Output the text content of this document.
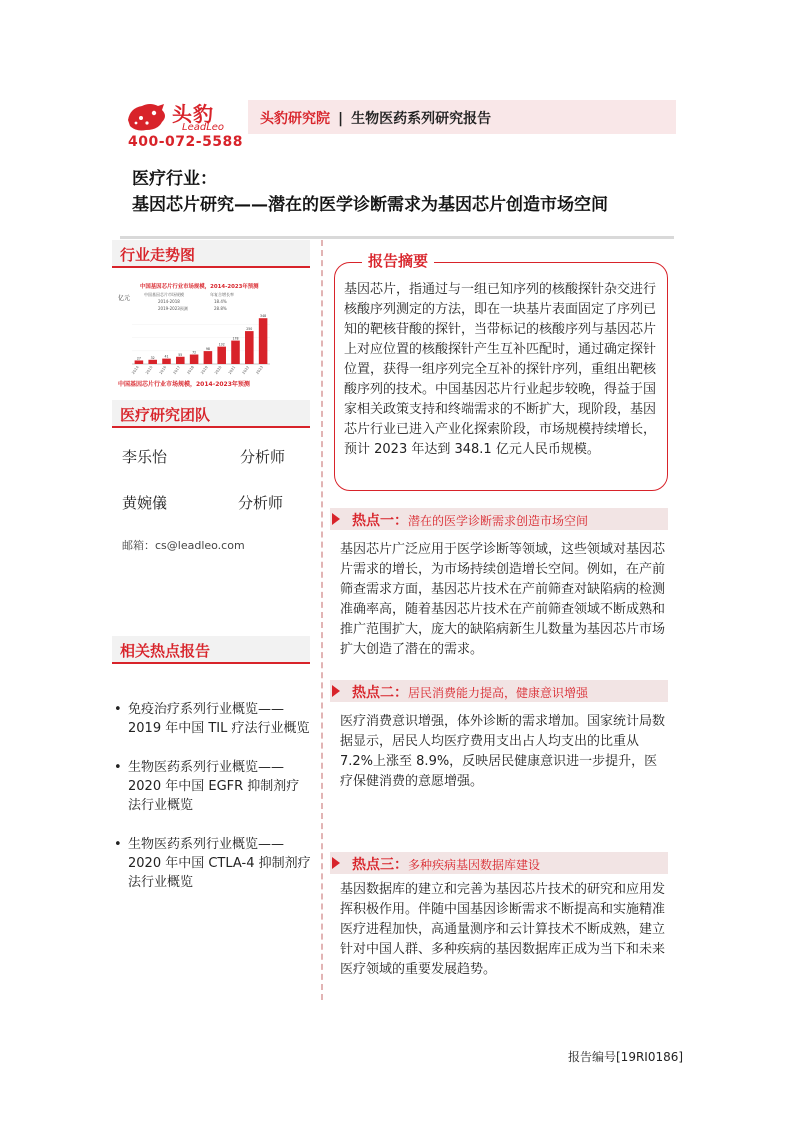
头豹
LeadLeo
400-072-5588
头豹研究院 | 生物医药系列研究报告
医疗行业：
基因芯片研究——潜在的医学诊断需求为基因芯片创造市场空间
行业走势图
中国基因芯片行业市场规模，2014-2023年预测
亿元
中国基因芯片市场规模
2014-2018
2019-2023预测
年复合增长率
18.4%
28.8%
27	32	41	55
72
98
132
178
250
348
2014 2015 2016 2017 2018 2019 2020 2021 2022 2023
中国基因芯片行业市场规模，2014-2023年预测
医疗研究团队
李乐怡	分析师
黄婉儀	分析师
邮箱：cs@leadleo.com
相关热点报告
• 免疫治疗系列行业概览——2019 年中国 TIL 疗法行业概览
• 生物医药系列行业概览——2020 年中国 EGFR 抑制剂疗法行业概览
• 生物医药系列行业概览——2020 年中国 CTLA-4 抑制剂疗法行业概览
报告摘要
基因芯片，指通过与一组已知序列的核酸探针杂交进行核酸序列测定的方法，即在一块基片表面固定了序列已知的靶核苷酸的探针，当带标记的核酸序列与基因芯片上对应位置的核酸探针产生互补匹配时，通过确定探针位置，获得一组序列完全互补的探针序列，重组出靶核酸序列的技术。中国基因芯片行业起步较晚，得益于国家相关政策支持和终端需求的不断扩大，现阶段，基因芯片行业已进入产业化探索阶段，市场规模持续增长，预计 2023 年达到 348.1 亿元人民币规模。
热点一：潜在的医学诊断需求创造市场空间
基因芯片广泛应用于医学诊断等领域，这些领域对基因芯片需求的增长，为市场持续创造增长空间。例如，在产前筛查需求方面，基因芯片技术在产前筛查对缺陷病的检测准确率高，随着基因芯片技术在产前筛查领域不断成熟和推广范围扩大，庞大的缺陷病新生儿数量为基因芯片市场扩大创造了潜在的需求。
热点二：居民消费能力提高，健康意识增强
医疗消费意识增强，体外诊断的需求增加。国家统计局数据显示，居民人均医疗费用支出占人均支出的比重从7.2%上涨至 8.9%，反映居民健康意识进一步提升，医疗保健消费的意愿增强。
热点三：多种疾病基因数据库建设
基因数据库的建立和完善为基因芯片技术的研究和应用发挥积极作用。伴随中国基因诊断需求不断提高和实施精准医疗进程加快，高通量测序和云计算技术不断成熟，建立针对中国人群、多种疾病的基因数据库正成为当下和未来医疗领域的重要发展趋势。
报告编号[19RI0186]
